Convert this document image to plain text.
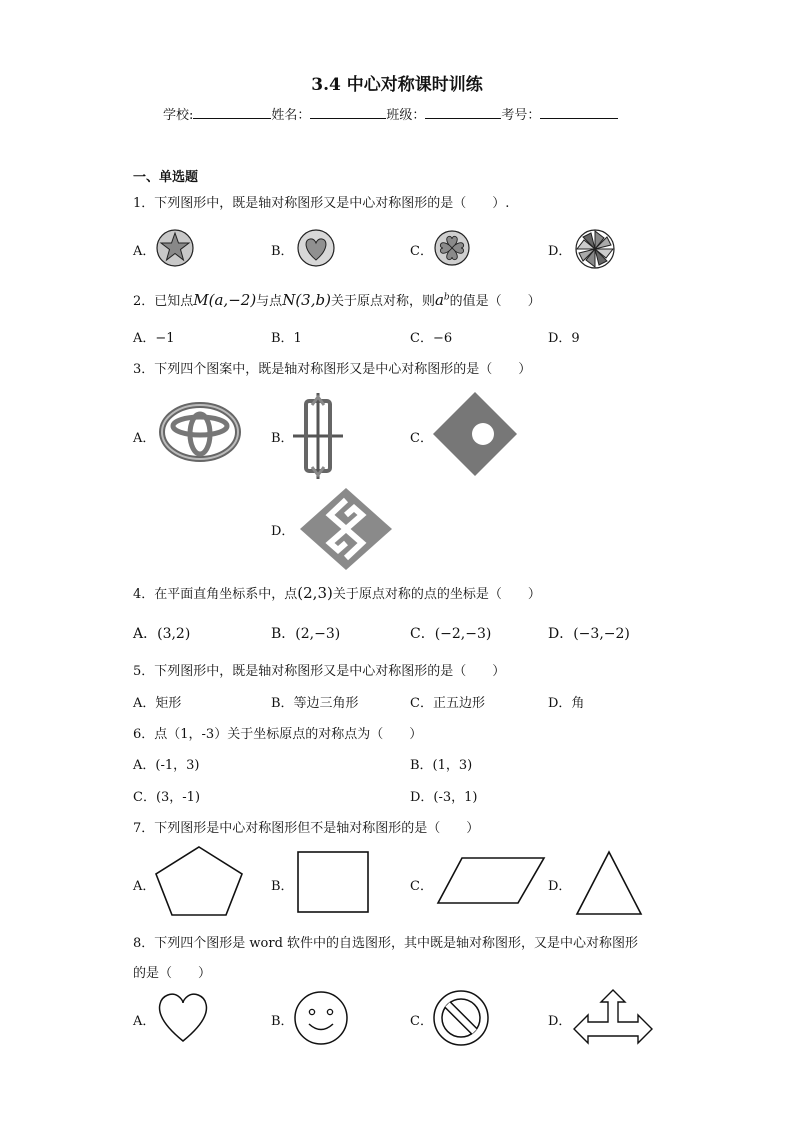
3.4 中心对称课时训练
学校:	姓名：	班级：	考号：
一、单选题
1．下列图形中，既是轴对称图形又是中心对称图形的是（　　）.
A．	B．	C．	D．
2．已知点M(a,−2)与点N(3,b)关于原点对称，则$a^b$的值是（　　）
A．−1	B．1	C．−6	D．9
3．下列四个图案中，既是轴对称图形又是中心对称图形的是（　　）
A．	B．	C．
D．
4．在平面直角坐标系中，点(2,3)关于原点对称的点的坐标是（　　）
A．(3,2)	B．(2,−3)	C．(−2,−3)	D．(−3,−2)
5．下列图形中，既是轴对称图形又是中心对称图形的是（　　）
A．矩形	B．等边三角形	C．正五边形	D．角
6．点（1，-3）关于坐标原点的对称点为（　　）
A．(-1，3)	B．(1，3)
C．(3，-1)	D．(-3，1)
7．下列图形是中心对称图形但不是轴对称图形的是（　　）
A．	B．	C．	D．
8．下列四个图形是 word 软件中的自选图形，其中既是轴对称图形，又是中心对称图形
的是（　　）
A．	B．	C．	D．
